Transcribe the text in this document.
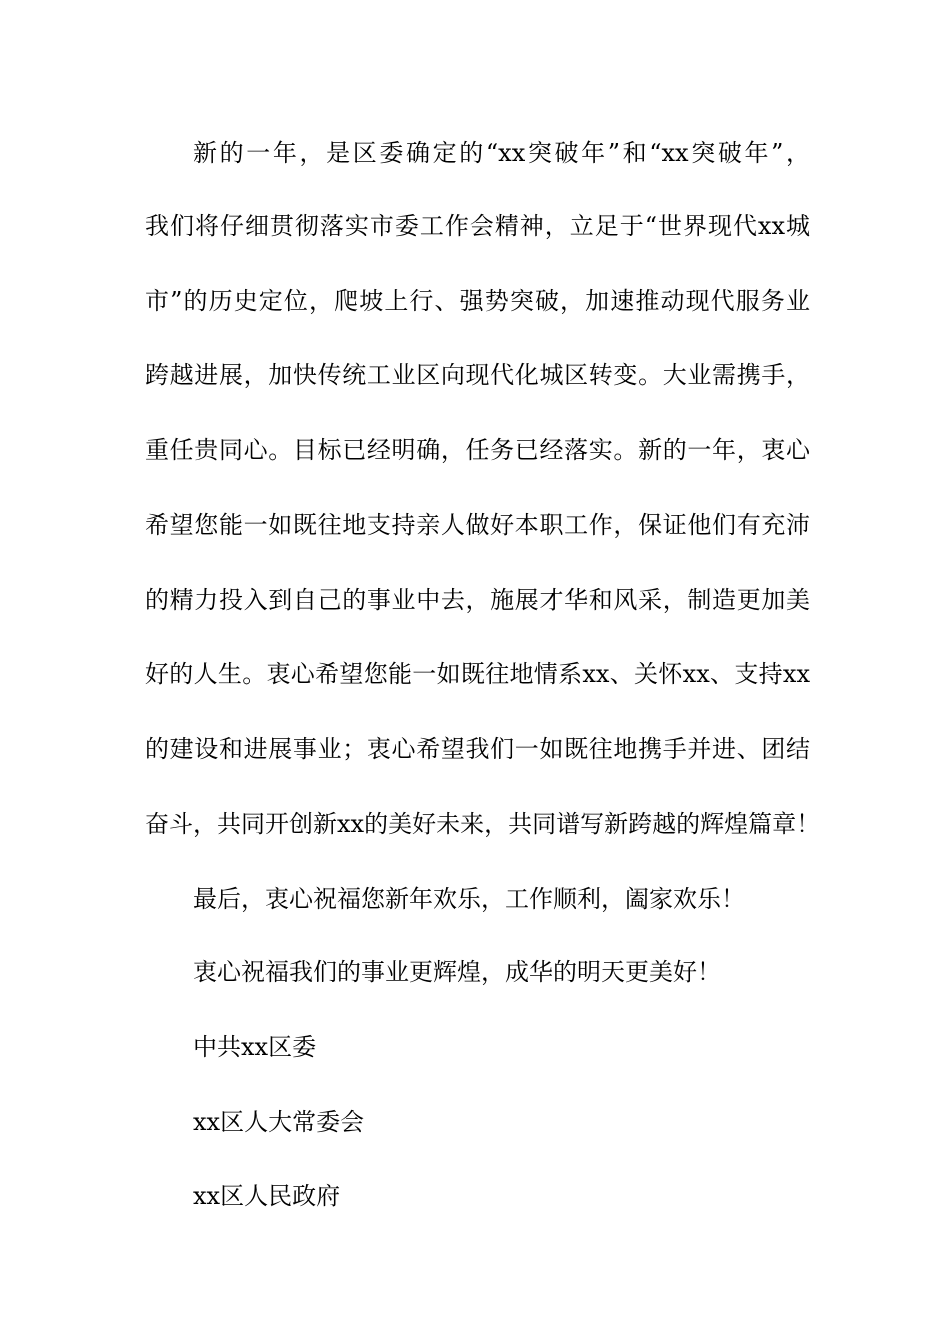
新的一年，是区委确定的“xx突破年”和“xx突破年”，
我们将仔细贯彻落实市委工作会精神，立足于“世界现代xx城
市”的历史定位，爬坡上行、强势突破，加速推动现代服务业
跨越进展，加快传统工业区向现代化城区转变。大业需携手，
重任贵同心。目标已经明确，任务已经落实。新的一年，衷心
希望您能一如既往地支持亲人做好本职工作，保证他们有充沛
的精力投入到自己的事业中去，施展才华和风采，制造更加美
好的人生。衷心希望您能一如既往地情系xx、关怀xx、支持xx
的建设和进展事业；衷心希望我们一如既往地携手并进、团结
奋斗，共同开创新xx的美好未来，共同谱写新跨越的辉煌篇章！
最后，衷心祝福您新年欢乐，工作顺利，阖家欢乐！
衷心祝福我们的事业更辉煌，成华的明天更美好！
中共xx区委
xx区人大常委会
xx区人民政府
